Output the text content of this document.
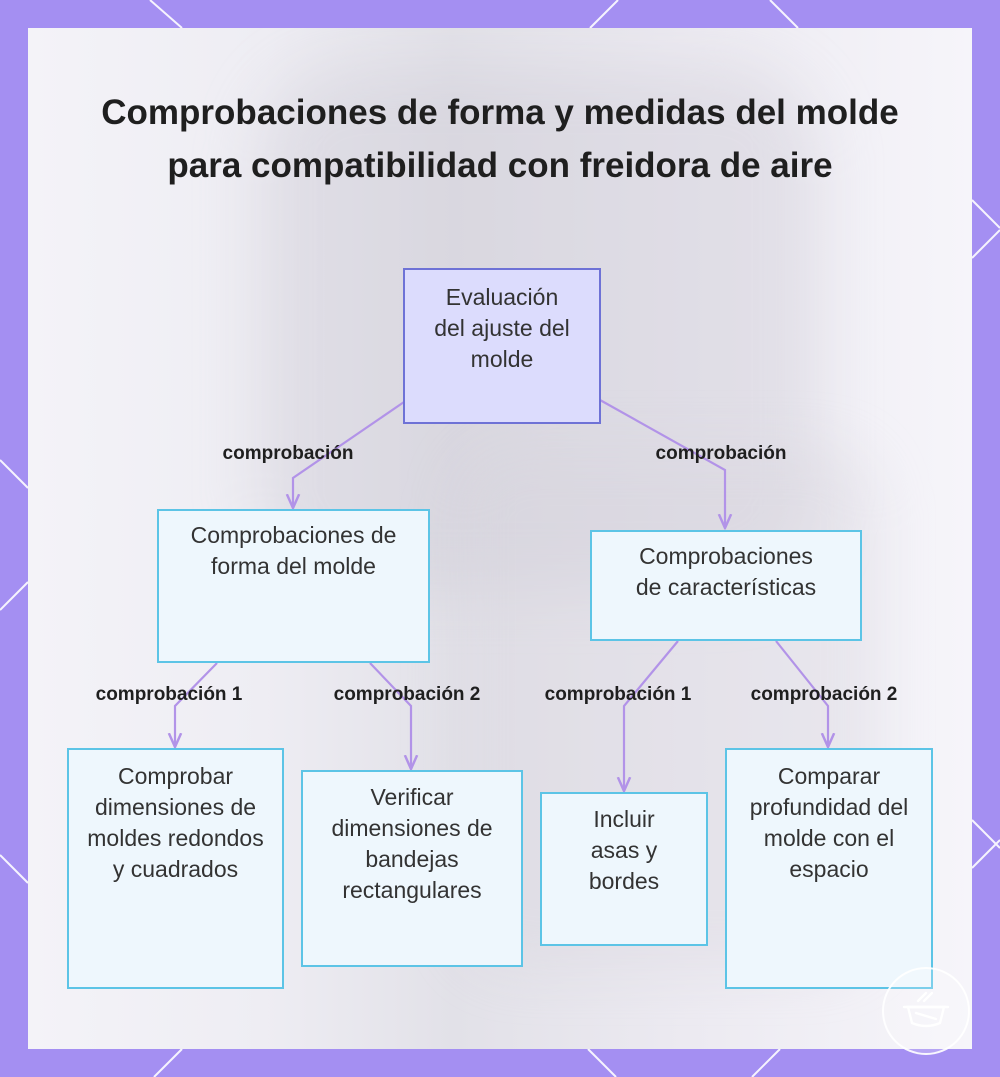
Comprobaciones de forma y medidas del molde para compatibilidad con freidora de aire
comprobación	comprobación
comprobación 1	comprobación 2	comprobación 1	comprobación 2
Evaluación del ajuste del molde
Comprobaciones de forma del molde	Comprobaciones de características
Comprobar dimensiones de moldes redondos y cuadrados
Verificar dimensiones de bandejas rectangulares
Incluir asas y bordes
Comparar profundidad del molde con el espacio
